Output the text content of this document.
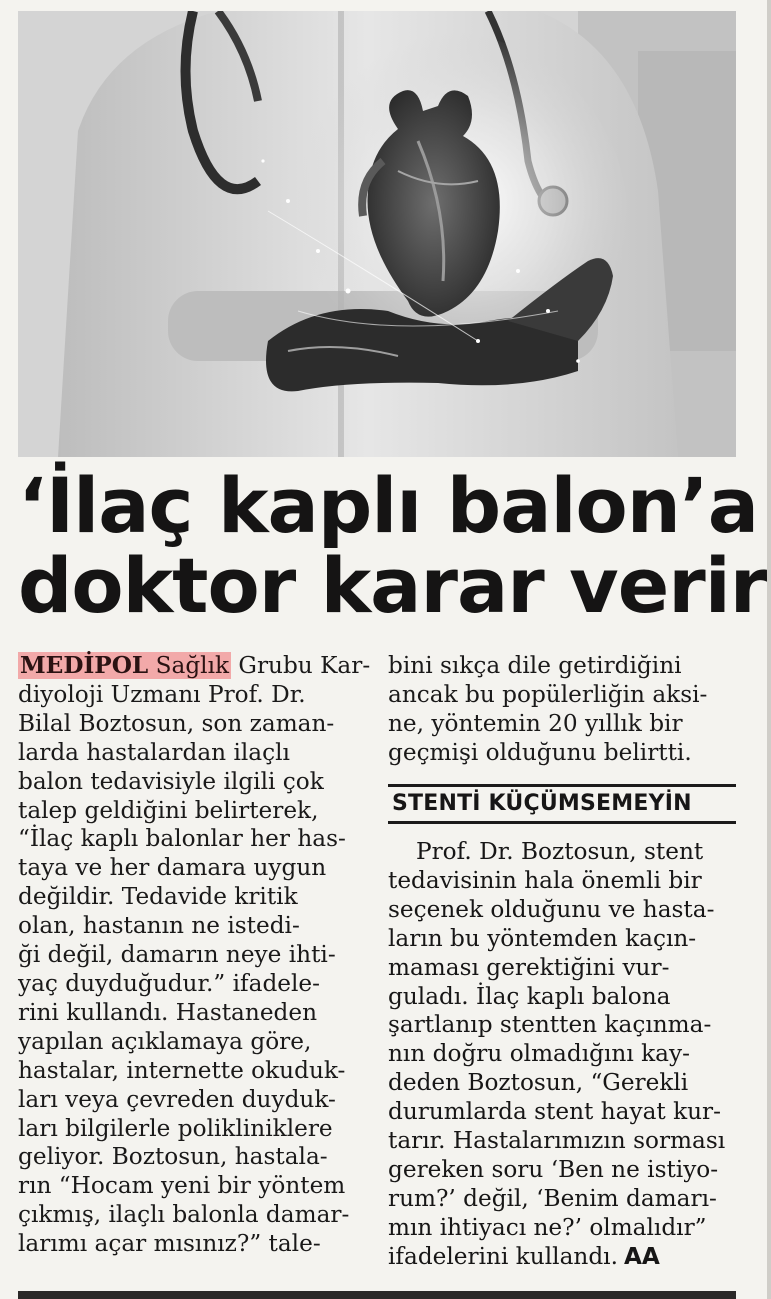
‘İlaç kaplı balon’a
doktor karar verir
MEDİPOL Sağlık Grubu Kar-
diyoloji Uzmanı Prof. Dr.
Bilal Boztosun, son zaman-
larda hastalardan ilaçlı
balon tedavisiyle ilgili çok
talep geldiğini belirterek,
“İlaç kaplı balonlar her has-
taya ve her damara uygun
değildir. Tedavide kritik
olan, hastanın ne istedi-
ği değil, damarın neye ihti-
yaç duyduğudur.” ifadele-
rini kullandı. Hastaneden
yapılan açıklamaya göre,
hastalar, internette okuduk-
ları veya çevreden duyduk-
ları bilgilerle polikliniklere
geliyor. Boztosun, hastala-
rın “Hocam yeni bir yöntem
çıkmış, ilaçlı balonla damar-
larımı açar mısınız?” tale-
bini sıkça dile getirdiğini
ancak bu popülerliğin aksi-
ne, yöntemin 20 yıllık bir
geçmişi olduğunu belirtti.
STENTİ KÜÇÜMSEMEYİN
Prof. Dr. Boztosun, stent
tedavisinin hala önemli bir
seçenek olduğunu ve hasta-
ların bu yöntemden kaçın-
maması gerektiğini vur-
guladı. İlaç kaplı balona
şartlanıp stentten kaçınma-
nın doğru olmadığını kay-
deden Boztosun, “Gerekli
durumlarda stent hayat kur-
tarır. Hastalarımızın sorması
gereken soru ‘Ben ne istiyo-
rum?’ değil, ‘Benim damarı-
mın ihtiyacı ne?’ olmalıdır”
ifadelerini kullandı. AA
